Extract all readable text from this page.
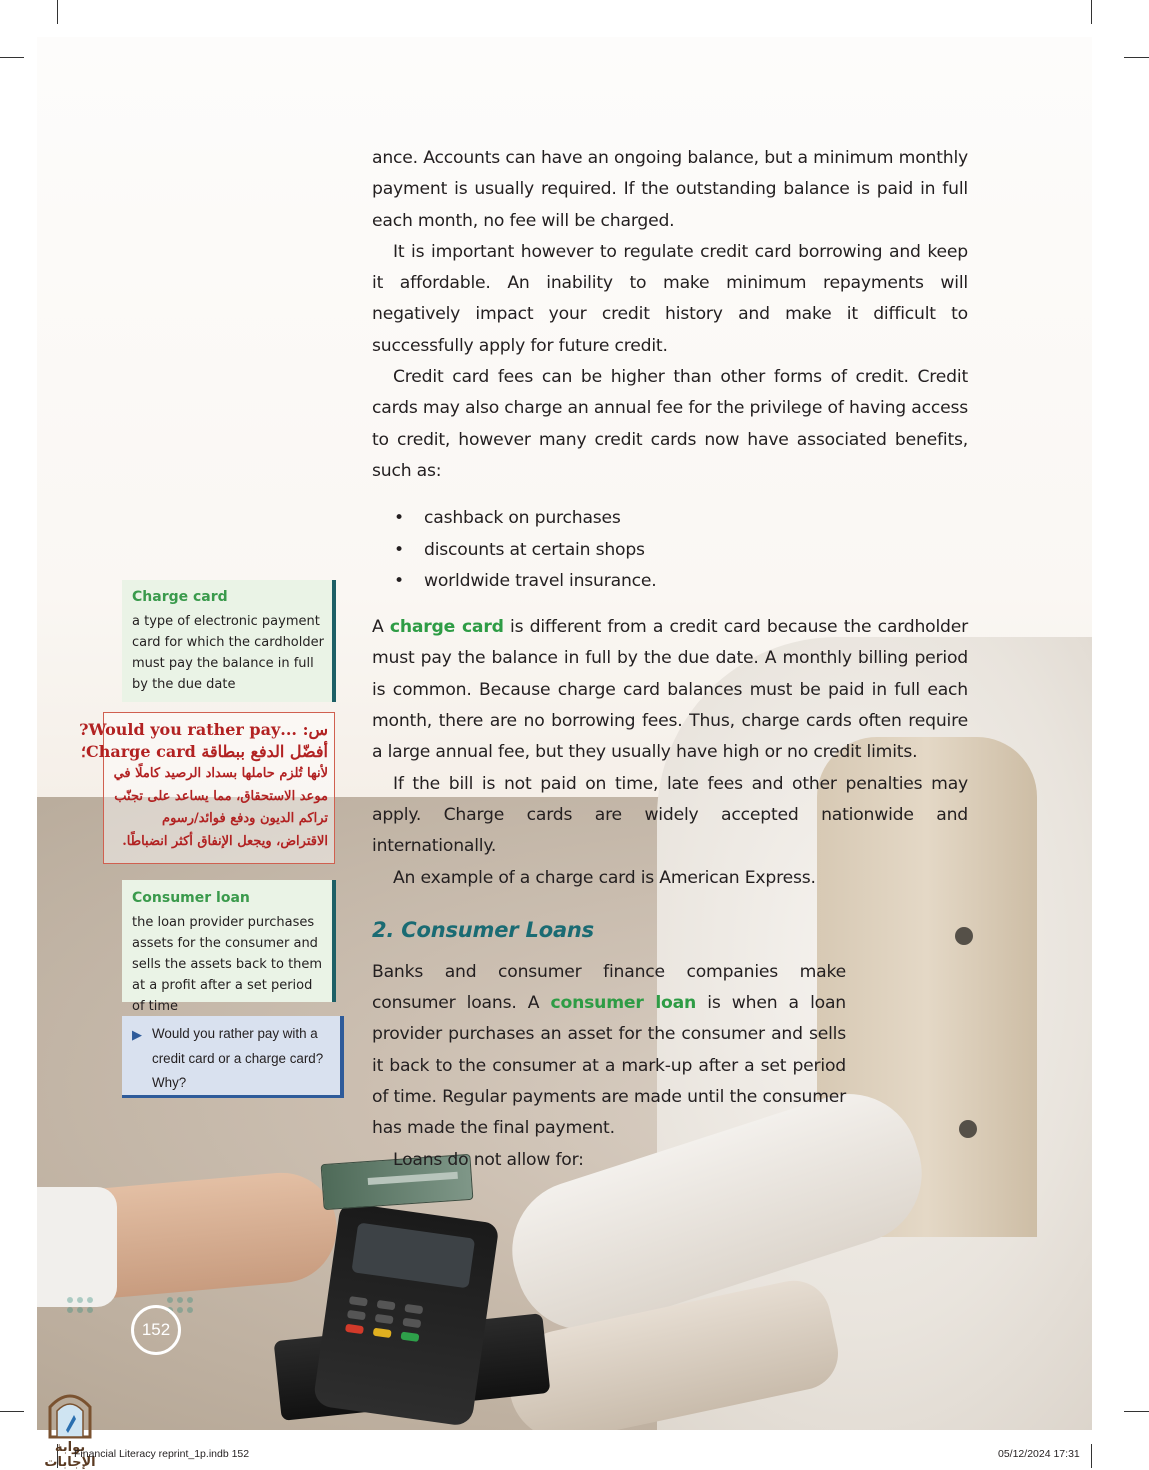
ance. Accounts can have an ongoing balance, but a minimum monthly payment is usually required. If the outstanding balance is paid in full each month, no fee will be charged.

It is important however to regulate credit card borrowing and keep it affordable. An inability to make minimum repayments will negatively impact your credit history and make it difficult to successfully apply for future credit.

Credit card fees can be higher than other forms of credit. Credit cards may also charge an annual fee for the privilege of having access to credit, however many credit cards now have associated benefits, such as:

• cashback on purchases
• discounts at certain shops
• worldwide travel insurance.

A charge card is different from a credit card because the cardholder must pay the balance in full by the due date. A monthly billing period is common. Because charge card balances must be paid in full each month, there are no borrowing fees. Thus, charge cards often require a large annual fee, but they usually have high or no credit limits.

If the bill is not paid on time, late fees and other penalties may apply. Charge cards are widely accepted nationwide and internationally.

An example of a charge card is American Express.

2. Consumer Loans

Banks and consumer finance companies make consumer loans. A consumer loan is when a loan provider purchases an asset for the consumer and sells it back to the consumer at a mark-up after a set period of time. Regular payments are made until the consumer has made the final payment.

Loans do not allow for:

Charge card

a type of electronic payment card for which the cardholder must pay the balance in full by the due date

Consumer loan

the loan provider purchases assets for the consumer and sells the assets back to them at a profit after a set period of time

س: ...Would you rather pay?
أفضّل الدفع ببطاقة Charge card؛
لأنها تُلزم حاملها بسداد الرصيد كاملًا في موعد الاستحقاق، مما يساعد على تجنّب تراكم الديون ودفع فوائد/رسوم الاقتراض، ويجعل الإنفاق أكثر انضباطًا.
▶ Would you rather pay with a credit card or a charge card? Why?
152
بوابة الإجابات
Financial Literacy reprint_1p.indb 152	05/12/2024 17:31
